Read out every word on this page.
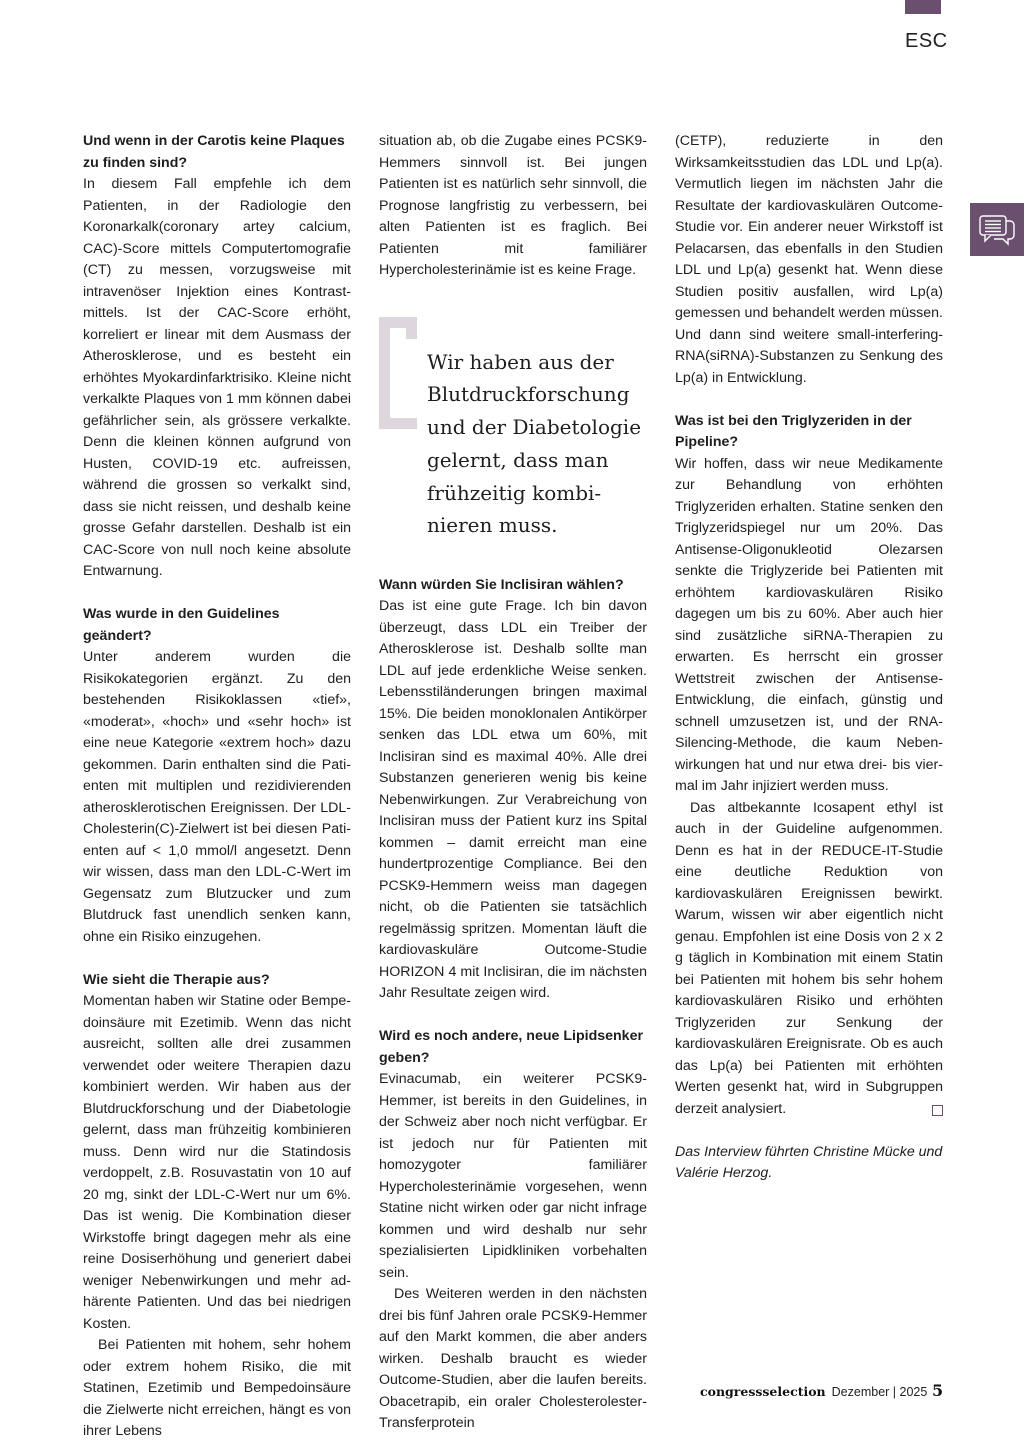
ESC

Und wenn in der Carotis keine Plaques zu finden sind?

In diesem Fall empfehle ich dem Patienten, in der Radiologie den Koronarkalk(coronary artey calcium, CAC)-Score mittels Computertomografie (CT) zu messen, vorzugsweise mit intravenöser Injektion eines Kontrastmittels. Ist der CAC-Score erhöht, korreliert er linear mit dem Ausmass der Atherosklerose, und es besteht ein erhöhtes Myokardinfarktrisiko. Kleine nicht verkalkte Plaques von 1 mm können dabei gefährlicher sein, als grössere verkalkte. Denn die kleinen können aufgrund von Husten, COVID-19 etc. aufreissen, während die grossen so verkalkt sind, dass sie nicht reissen, und deshalb keine grosse Gefahr darstellen. Deshalb ist ein CAC-Score von null noch keine absolute Entwarnung.

Was wurde in den Guidelines geändert?

Unter anderem wurden die Risikokategorien ergänzt. Zu den bestehenden Risikoklassen «tief», «moderat», «hoch» und «sehr hoch» ist eine neue Kategorie «extrem hoch» dazu gekommen. Darin enthalten sind die Patienten mit multiplen und rezidivierenden atherosklerotischen Ereignissen. Der LDL-Cholesterin(C)-Zielwert ist bei diesen Patienten auf < 1,0 mmol/l angesetzt. Denn wir wissen, dass man den LDL-C-Wert im Gegensatz zum Blutzucker und zum Blutdruck fast unendlich senken kann, ohne ein Risiko einzugehen.

Wie sieht die Therapie aus?

Momentan haben wir Statine oder Bempedoinsäure mit Ezetimib. Wenn das nicht ausreicht, sollten alle drei zusammen verwendet oder weitere Therapien dazu kombiniert werden. Wir haben aus der Blutdruckforschung und der Diabetologie gelernt, dass man frühzeitig kombinieren muss. Denn wird nur die Statindosis verdoppelt, z.B. Rosuvastatin von 10 auf 20 mg, sinkt der LDL-C-Wert nur um 6%. Das ist wenig. Die Kombination dieser Wirkstoffe bringt dagegen mehr als eine reine Dosiserhöhung und generiert dabei weniger Nebenwirkungen und mehr adhärente Patienten. Und das bei niedrigen Kosten.

Bei Patienten mit hohem, sehr hohem oder extrem hohem Risiko, die mit Statinen, Ezetimib und Bempedoinsäure die Zielwerte nicht erreichen, hängt es von ihrer Lebens

situation ab, ob die Zugabe eines PCSK9-Hemmers sinnvoll ist. Bei jungen Patienten ist es natürlich sehr sinnvoll, die Prognose langfristig zu verbessern, bei alten Patienten ist es fraglich. Bei Patienten mit familiärer Hypercholesterinämie ist es keine Frage.

Wir haben aus der Blutdruckforschung und der Diabetologie gelernt, dass man frühzeitig kombinieren muss.

Wann würden Sie Inclisiran wählen?

Das ist eine gute Frage. Ich bin davon überzeugt, dass LDL ein Treiber der Atherosklerose ist. Deshalb sollte man LDL auf jede erdenkliche Weise senken. Lebensstiländerungen bringen maximal 15%. Die beiden monoklonalen Antikörper senken das LDL etwa um 60%, mit Inclisiran sind es maximal 40%. Alle drei Substanzen generieren wenig bis keine Nebenwirkungen. Zur Verabreichung von Inclisiran muss der Patient kurz ins Spital kommen – damit erreicht man eine hundertprozentige Compliance. Bei den PCSK9-Hemmern weiss man dagegen nicht, ob die Patienten sie tatsächlich regelmässig spritzen. Momentan läuft die kardiovaskuläre Outcome-Studie HORIZON 4 mit Inclisiran, die im nächsten Jahr Resultate zeigen wird.

Wird es noch andere, neue Lipidsenker geben?

Evinacumab, ein weiterer PCSK9-Hemmer, ist bereits in den Guidelines, in der Schweiz aber noch nicht verfügbar. Er ist jedoch nur für Patienten mit homozygoter familiärer Hypercholesterinämie vorgesehen, wenn Statine nicht wirken oder gar nicht infrage kommen und wird deshalb nur sehr spezialisierten Lipidkliniken vorbehalten sein.

Des Weiteren werden in den nächsten drei bis fünf Jahren orale PCSK9-Hemmer auf den Markt kommen, die aber anders wirken. Deshalb braucht es wieder Outcome-Studien, aber die laufen bereits. Obacetrapib, ein oraler Cholesterolester-Transferprotein

(CETP), reduzierte in den Wirksamkeitsstudien das LDL und Lp(a). Vermutlich liegen im nächsten Jahr die Resultate der kardiovaskulären Outcome-Studie vor. Ein anderer neuer Wirkstoff ist Pelacarsen, das ebenfalls in den Studien LDL und Lp(a) gesenkt hat. Wenn diese Studien positiv ausfallen, wird Lp(a) gemessen und behandelt werden müssen. Und dann sind weitere small-interfering-RNA(siRNA)-Substanzen zu Senkung des Lp(a) in Entwicklung.

Was ist bei den Triglyzeriden in der Pipeline?

Wir hoffen, dass wir neue Medikamente zur Behandlung von erhöhten Triglyzeriden erhalten. Statine senken den Triglyzeridspiegel nur um 20%. Das Antisense-Oligonukleotid Olezarsen senkte die Triglyzeride bei Patienten mit erhöhtem kardiovaskulären Risiko dagegen um bis zu 60%. Aber auch hier sind zusätzliche siRNA-Therapien zu erwarten. Es herrscht ein grosser Wettstreit zwischen der Antisense-Entwicklung, die einfach, günstig und schnell umzusetzen ist, und der RNA-Silencing-Methode, die kaum Nebenwirkungen hat und nur etwa drei- bis viermal im Jahr injiziert werden muss.

Das altbekannte Icosapent ethyl ist auch in der Guideline aufgenommen. Denn es hat in der REDUCE-IT-Studie eine deutliche Reduktion von kardiovaskulären Ereignissen bewirkt. Warum, wissen wir aber eigentlich nicht genau. Empfohlen ist eine Dosis von 2 x 2 g täglich in Kombination mit einem Statin bei Patienten mit hohem bis sehr hohem kardiovaskulären Risiko und erhöhten Triglyzeriden zur Senkung der kardiovaskulären Ereignisrate. Ob es auch das Lp(a) bei Patienten mit erhöhten Werten gesenkt hat, wird in Subgruppen derzeit analysiert.

Das Interview führten Christine Mücke und Valérie Herzog.

congressselection Dezember | 2025 5
